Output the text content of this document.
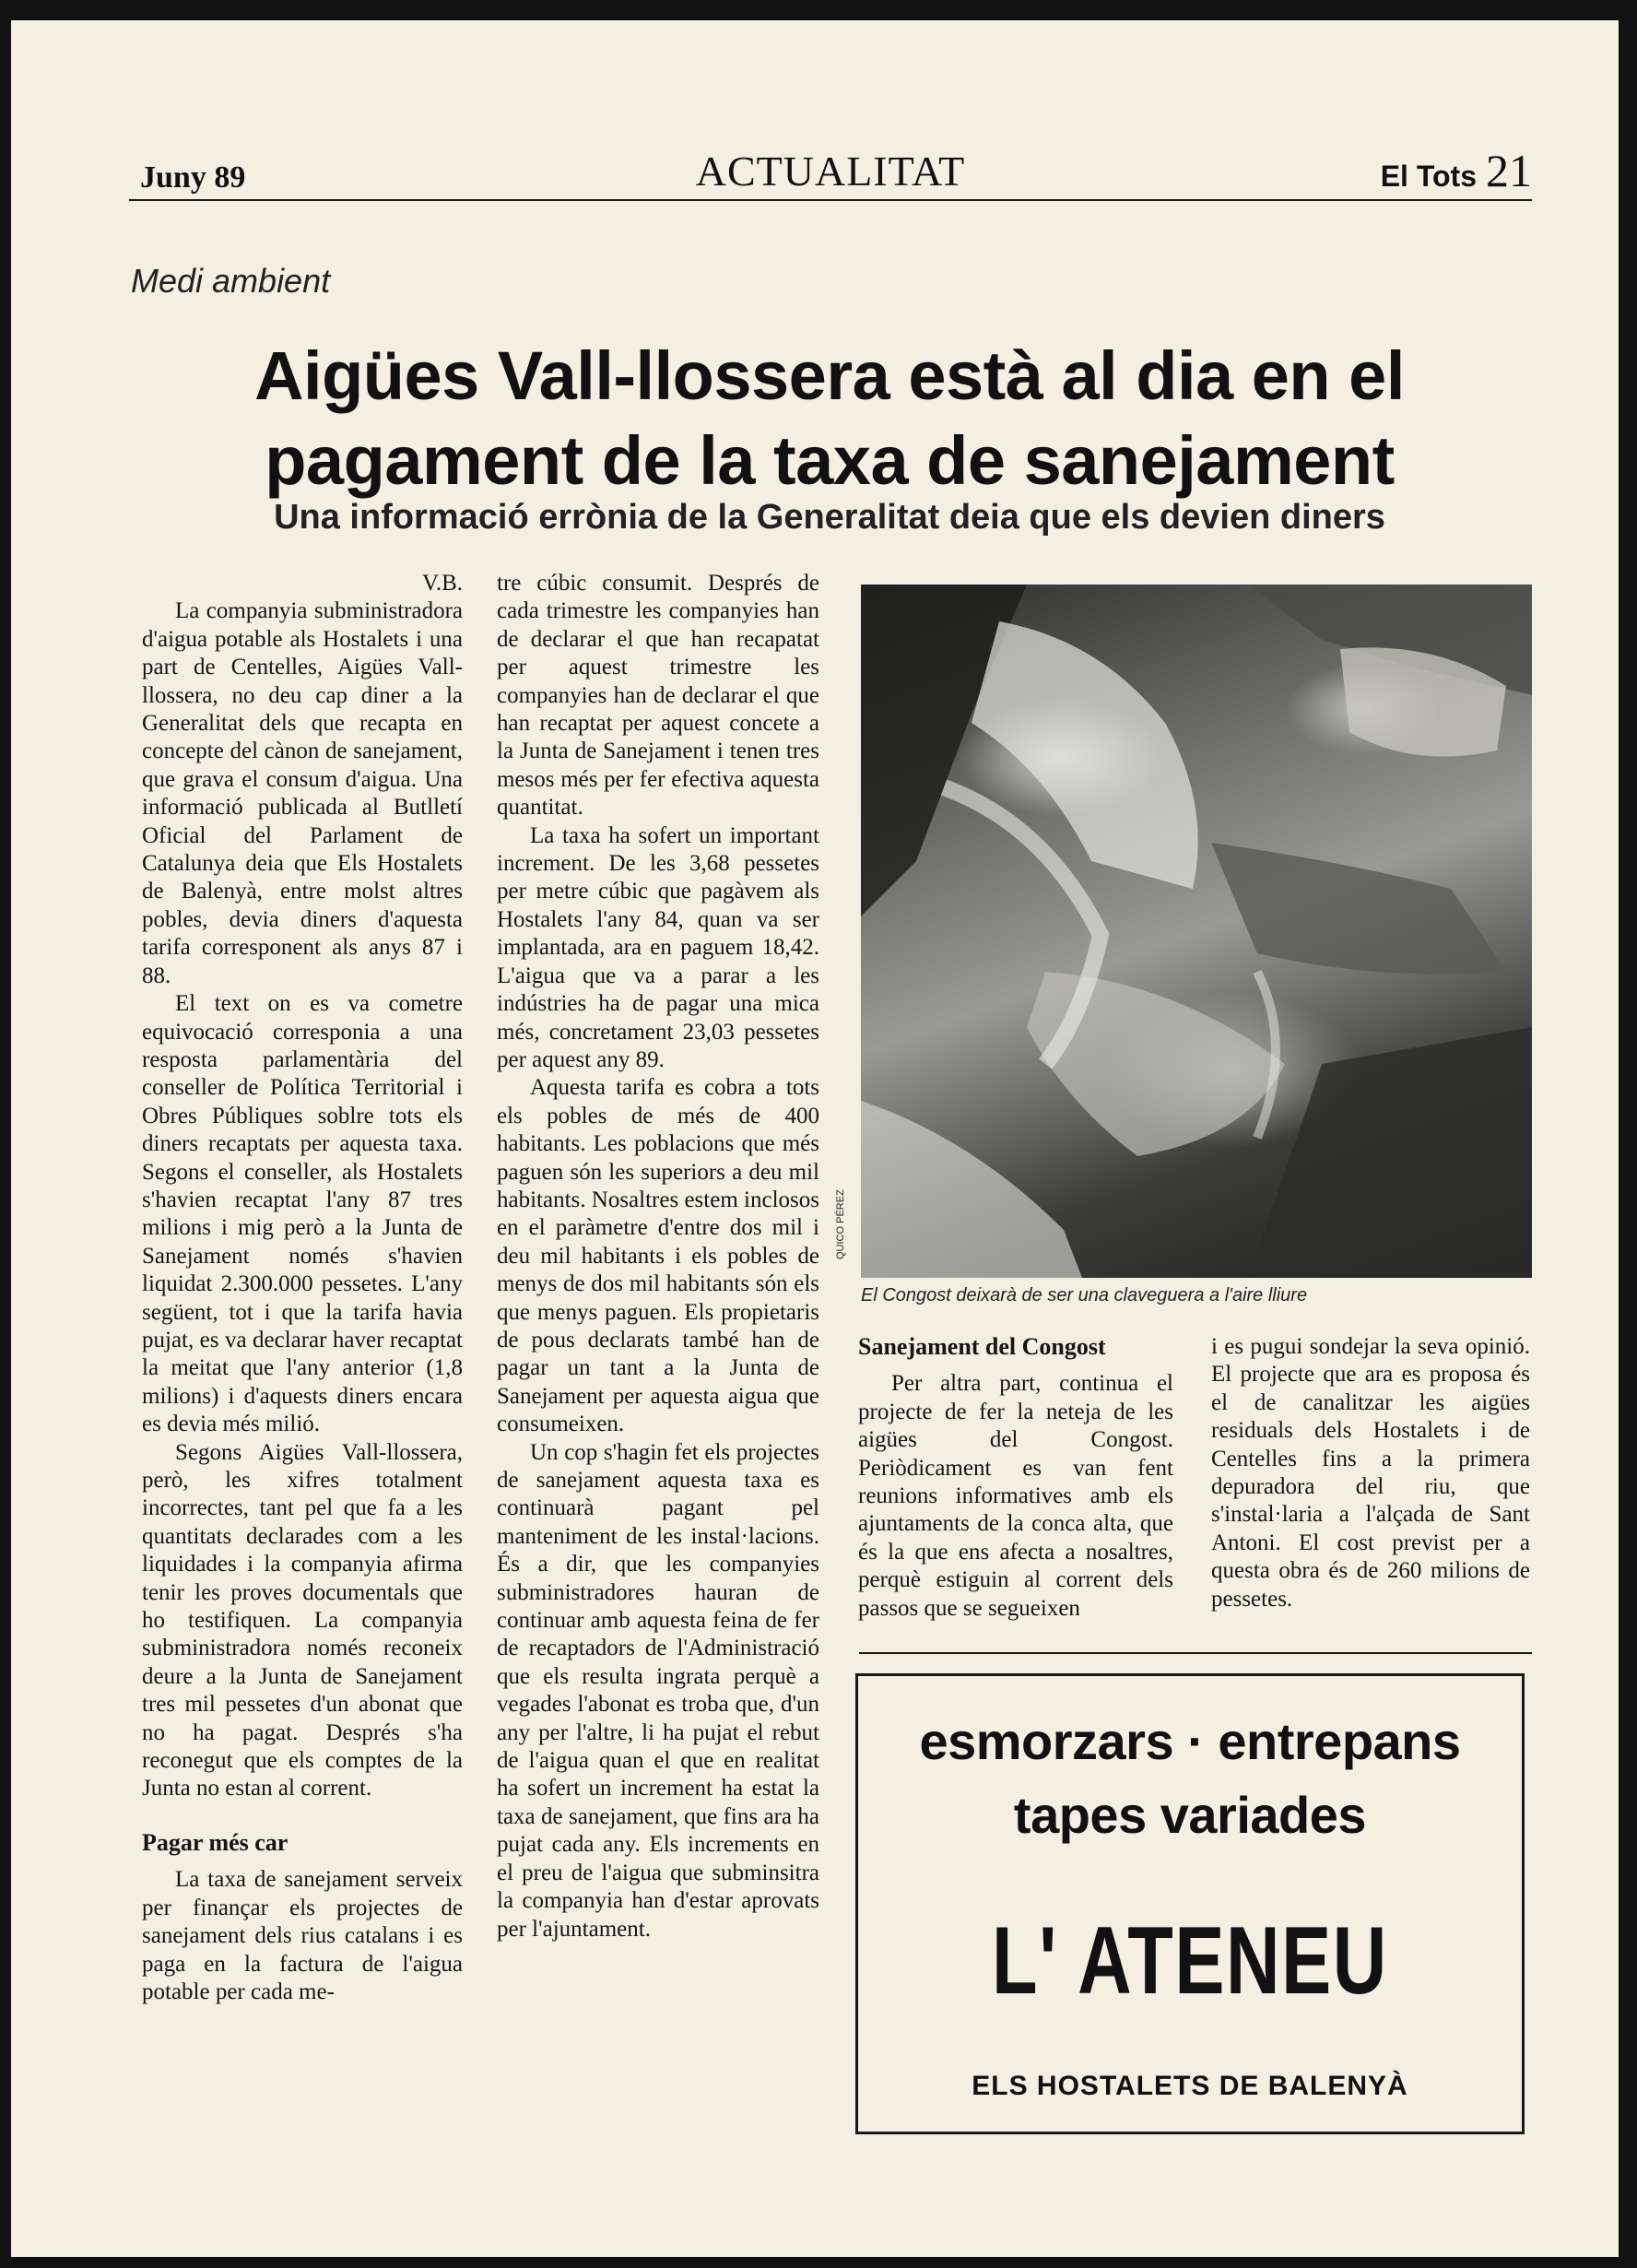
Juny 89	ACTUALITAT	El Tots 21
Medi ambient
Aigües Vall-llossera està al dia en el pagament de la taxa de sanejament
Una informació errònia de la Generalitat deia que els devien diners

V.B.

La companyia subministradora d'aigua potable als Hostalets i una part de Centelles, Aigües Vall-llossera, no deu cap diner a la Generalitat dels que recapta en concepte del cànon de sanejament, que grava el consum d'aigua. Una informació publicada al Butlletí Oficial del Parlament de Catalunya deia que Els Hostalets de Balenyà, entre molst altres pobles, devia diners d'aquesta tarifa corresponent als anys 87 i 88.

El text on es va cometre equivocació corresponia a una resposta parlamentària del conseller de Política Territorial i Obres Públiques soblre tots els diners recaptats per aquesta taxa. Segons el conseller, als Hostalets s'havien recaptat l'any 87 tres milions i mig però a la Junta de Sanejament només s'havien liquidat 2.300.000 pessetes. L'any següent, tot i que la tarifa havia pujat, es va declarar haver recaptat la meitat que l'any anterior (1,8 milions) i d'aquests diners encara es devia més milió.

Segons Aigües Vall-llossera, però, les xifres totalment incorrectes, tant pel que fa a les quantitats declarades com a les liquidades i la companyia afirma tenir les proves documentals que ho testifiquen. La companyia subministradora només reconeix deure a la Junta de Sanejament tres mil pessetes d'un abonat que no ha pagat. Després s'ha reconegut que els comptes de la Junta no estan al corrent.

Pagar més car

La taxa de sanejament serveix per finançar els projectes de sanejament dels rius catalans i es paga en la factura de l'aigua potable per cada me-

tre cúbic consumit. Després de cada trimestre les companyies han de declarar el que han recapatat per aquest trimestre les companyies han de declarar el que han recaptat per aquest concete a la Junta de Sanejament i tenen tres mesos més per fer efectiva aquesta quantitat.

La taxa ha sofert un important increment. De les 3,68 pessetes per metre cúbic que pagàvem als Hostalets l'any 84, quan va ser implantada, ara en paguem 18,42. L'aigua que va a parar a les indústries ha de pagar una mica més, concretament 23,03 pessetes per aquest any 89.

Aquesta tarifa es cobra a tots els pobles de més de 400 habitants. Les poblacions que més paguen són les superiors a deu mil habitants. Nosaltres estem inclosos en el paràmetre d'entre dos mil i deu mil habitants i els pobles de menys de dos mil habitants són els que menys paguen. Els propietaris de pous declarats també han de pagar un tant a la Junta de Sanejament per aquesta aigua que consumeixen.

Un cop s'hagin fet els projectes de sanejament aquesta taxa es continuarà pagant pel manteniment de les instal·lacions. És a dir, que les companyies subministradores hauran de continuar amb aquesta feina de fer de recaptadors de l'Administració que els resulta ingrata perquè a vegades l'abonat es troba que, d'un any per l'altre, li ha pujat el rebut de l'aigua quan el que en realitat ha sofert un increment ha estat la taxa de sanejament, que fins ara ha pujat cada any. Els increments en el preu de l'aigua que subminsitra la companyia han d'estar aprovats per l'ajuntament.

QUICO PÉREZ
El Congost deixarà de ser una claveguera a l'aire lliure

Sanejament del Congost

Per altra part, continua el projecte de fer la neteja de les aigües del Congost. Periòdicament es van fent reunions informatives amb els ajuntaments de la conca alta, que és la que ens afecta a nosaltres, perquè estiguin al corrent dels passos que se segueixen

i es pugui sondejar la seva opinió. El projecte que ara es proposa és el de canalitzar les aigües residuals dels Hostalets i de Centelles fins a la primera depuradora del riu, que s'instal·laria a l'alçada de Sant Antoni. El cost previst per a questa obra és de 260 milions de pessetes.

esmorzars · entrepans
tapes variades
L' ATENEU
ELS HOSTALETS DE BALENYÀ
